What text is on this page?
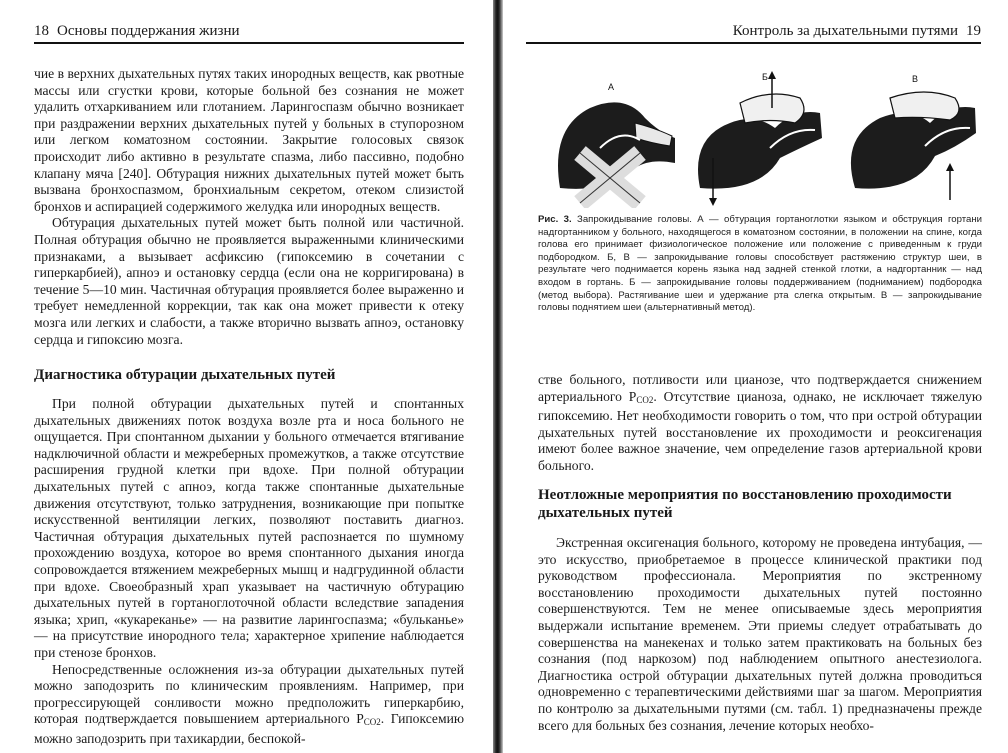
18 Основы поддержания жизни

чие в верхних дыхательных путях таких инородных веществ, как рвотные массы или сгустки крови, которые больной без сознания не может удалить отхаркиванием или глотанием. Ларингоспазм обычно возникает при раздражении верхних дыхательных путей у больных в ступорозном или легком коматозном состоянии. Закрытие голосовых связок происходит либо активно в результате спазма, либо пассивно, подобно клапану мяча [240]. Обтурация нижних дыхательных путей может быть вызвана бронхоспазмом, бронхиальным секретом, отеком слизистой бронхов и аспирацией содержимого желудка или инородных веществ.

Обтурация дыхательных путей может быть полной или частичной. Полная обтурация обычно не проявляется выраженными клиническими признаками, а вызывает асфиксию (гипоксемию в сочетании с гиперкарбией), апноэ и остановку сердца (если она не корригирована) в течение 5—10 мин. Частичная обтурация проявляется более выраженно и требует немедленной коррекции, так как она может привести к отеку мозга или легких и слабости, а также вторично вызвать апноэ, остановку сердца и гипоксию мозга.

Диагностика обтурации дыхательных путей

При полной обтурации дыхательных путей и спонтанных дыхательных движениях поток воздуха возле рта и носа больного не ощущается. При спонтанном дыхании у больного отмечается втягивание надключичной области и межреберных промежутков, а также отсутствие расширения грудной клетки при вдохе. При полной обтурации дыхательных путей с апноэ, когда также спонтанные дыхательные движения отсутствуют, только затруднения, возникающие при попытке искусственной вентиляции легких, позволяют поставить диагноз. Частичная обтурация дыхательных путей распознается по шумному прохождению воздуха, которое во время спонтанного дыхания иногда сопровождается втяжением межреберных мышц и надгрудинной области при вдохе. Своеобразный храп указывает на частичную обтурацию дыхательных путей в гортаноглоточной области вследствие западения языка; хрип, «кукареканье» — на развитие ларингоспазма; «бульканье» — на присутствие инородного тела; характерное хрипение наблюдается при стенозе бронхов.

Непосредственные осложнения из-за обтурации дыхательных путей можно заподозрить по клиническим проявлениям. Например, при прогрессирующей сонливости можно предположить гиперкарбию, которая подтверждается повышением артериального $P_{CO2}$. Гипоксемию можно заподозрить при тахикардии, беспокой-

Контроль за дыхательными путями 19
А
Б	В
Рис. 3. Запрокидывание головы. А — обтурация гортаноглотки языком и обструкция гортани надгортанником у больного, находящегося в коматозном состоянии, в положении на спине, когда голова его принимает физиологическое положение или положение с приведенным к груди подбородком. Б, В — запрокидывание головы способствует растяжению структур шеи, в результате чего поднимается корень языка над задней стенкой глотки, а надгортанник — над входом в гортань. Б — запрокидывание головы поддерживанием (подниманием) подбородка (метод выбора). Растягивание шеи и удержание рта слегка открытым. В — запрокидывание головы поднятием шеи (альтернативный метод).

стве больного, потливости или цианозе, что подтверждается снижением артериального $P_{CO2}$. Отсутствие цианоза, однако, не исключает тяжелую гипоксемию. Нет необходимости говорить о том, что при острой обтурации дыхательных путей восстановление их проходимости и реоксигенация имеют более важное значение, чем определение газов артериальной крови больного.

Неотложные мероприятия по восстановлению проходимости дыхательных путей

Экстренная оксигенация больного, которому не проведена интубация, — это искусство, приобретаемое в процессе клинической практики под руководством профессионала. Мероприятия по экстренному восстановлению проходимости дыхательных путей постоянно совершенствуются. Тем не менее описываемые здесь мероприятия выдержали испытание временем. Эти приемы следует отрабатывать до совершенства на манекенах и только затем практиковать на больных без сознания (под наркозом) под наблюдением опытного анестезиолога. Диагностика острой обтурации дыхательных путей должна проводиться одновременно с терапевтическими действиями шаг за шагом. Мероприятия по контролю за дыхательными путями (см. табл. 1) предназначены прежде всего для больных без сознания, лечение которых необхо-
